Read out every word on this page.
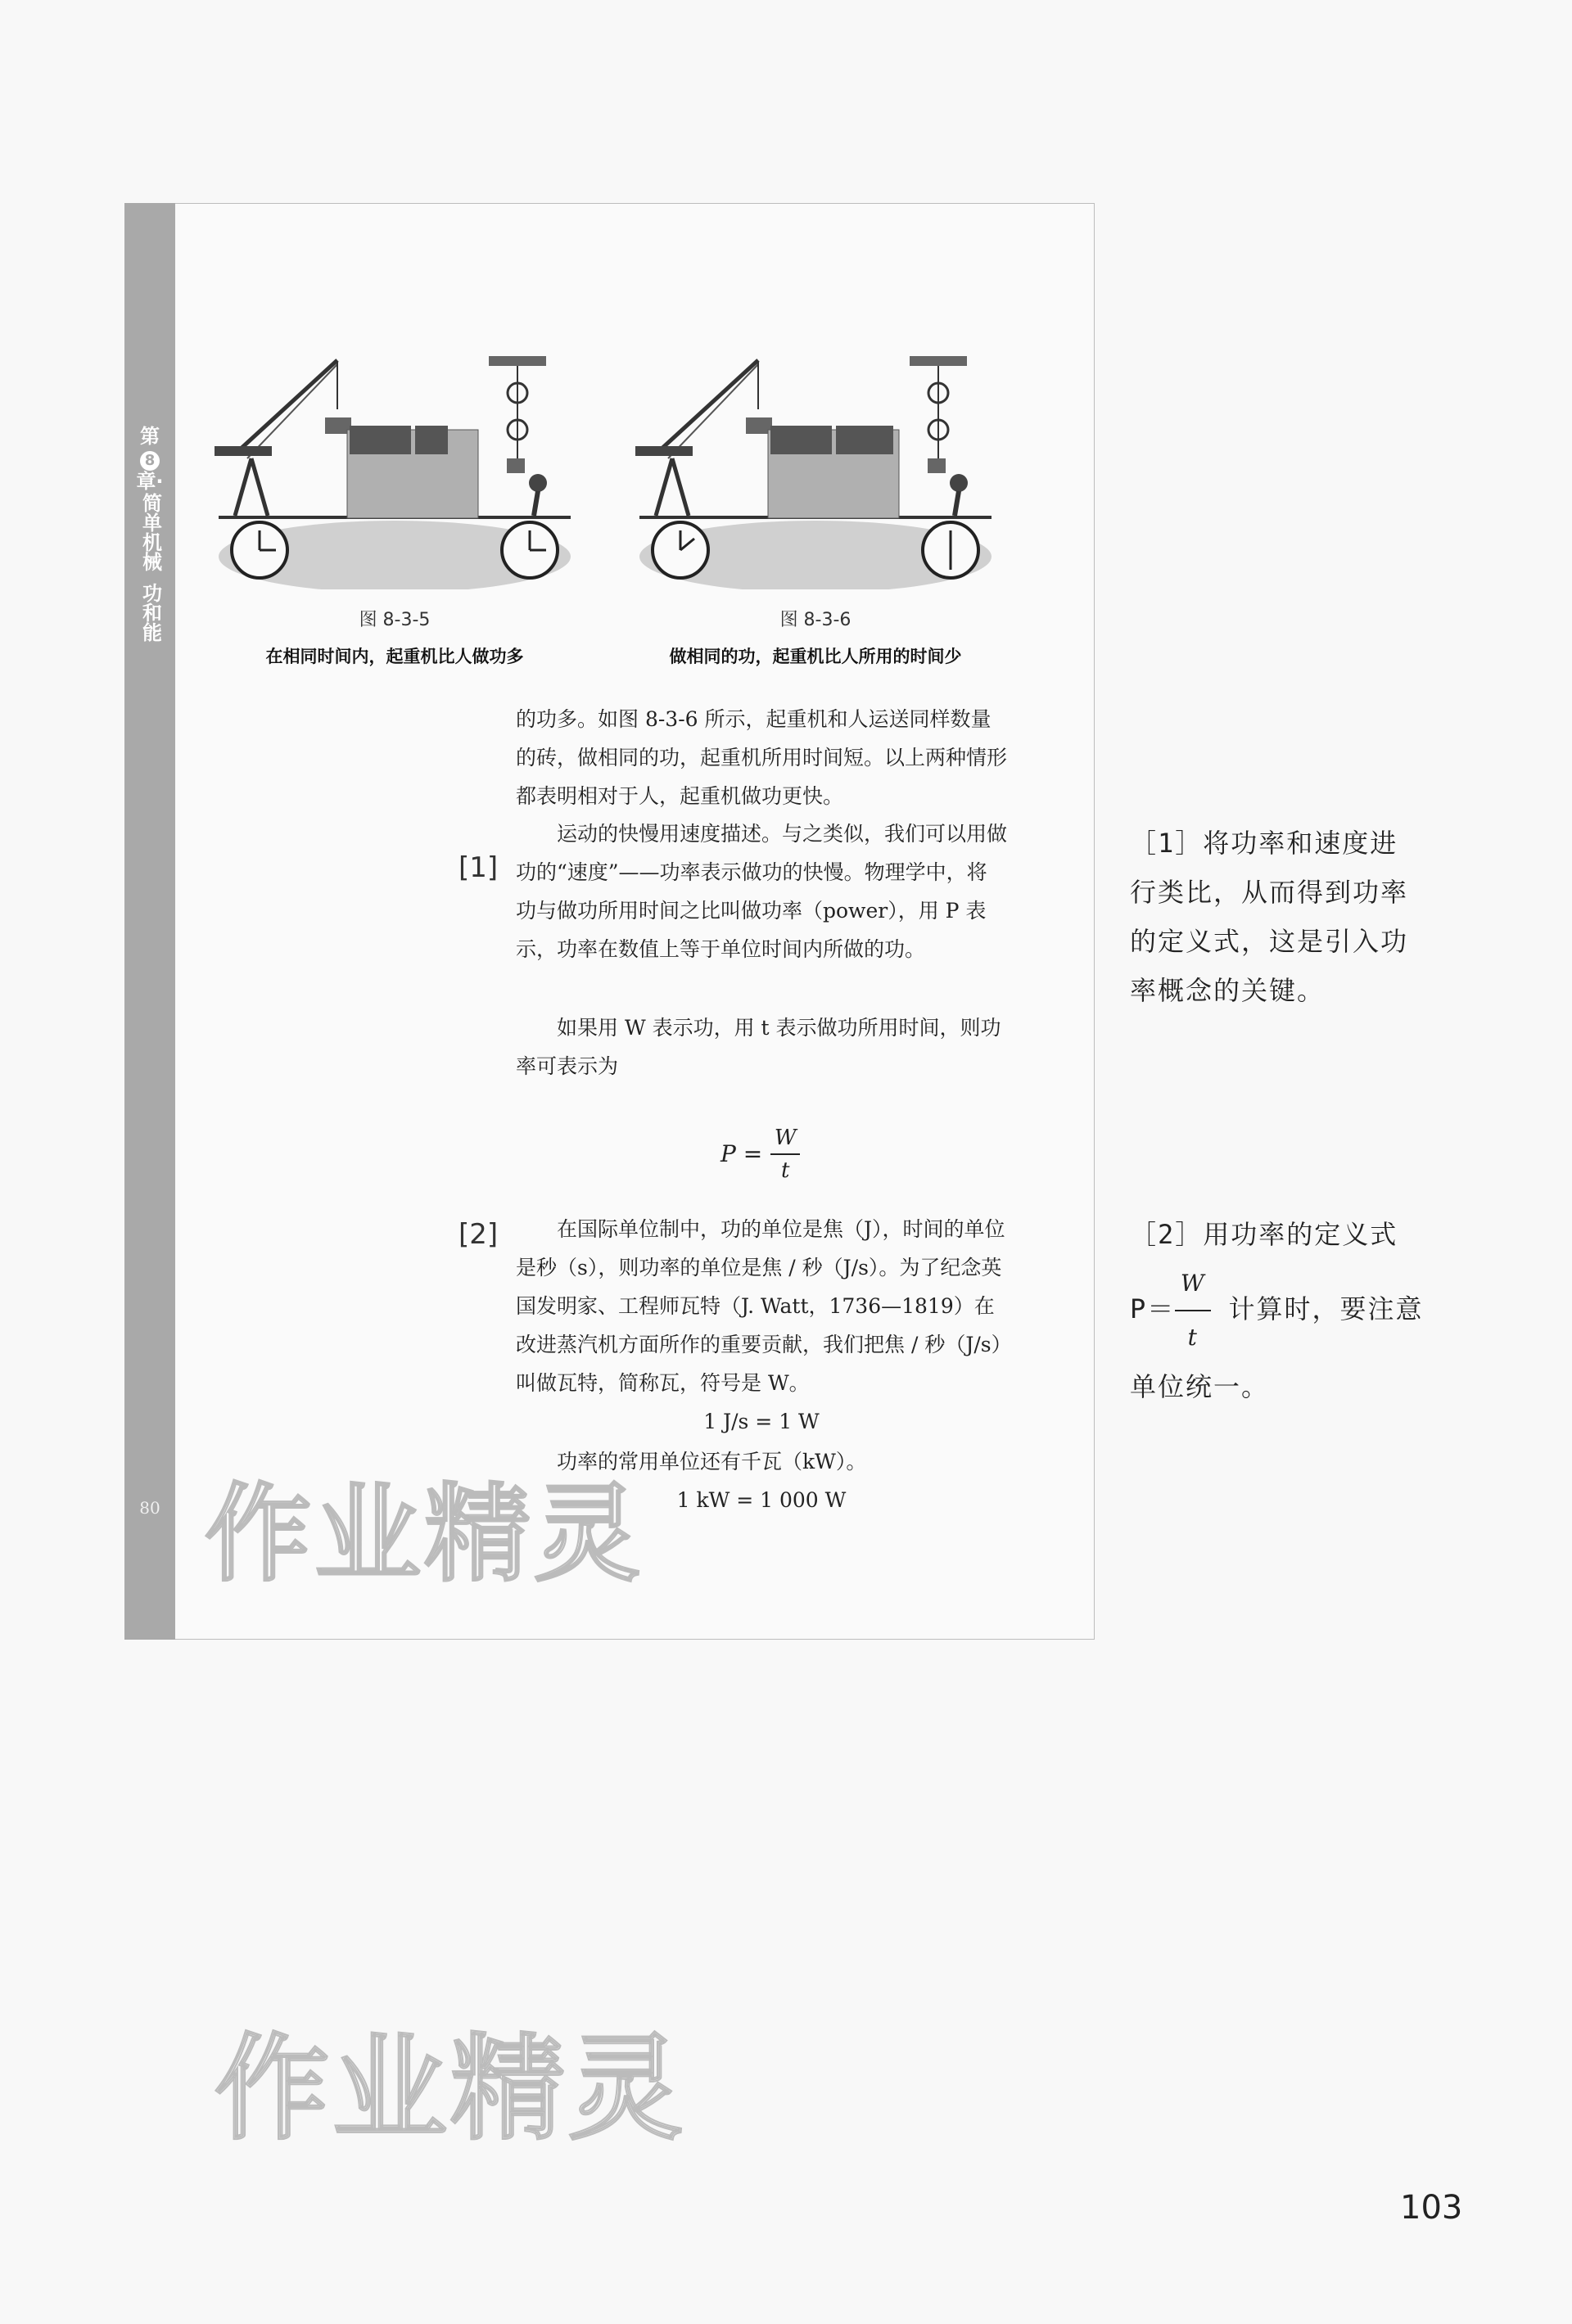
第
8
章·
简单机械
功和能
80
图 8-3-5
在相同时间内，起重机比人做功多
图 8-3-6
做相同的功，起重机比人所用的时间少
的功多。如图 8-3-6 所示，起重机和人运送同样数量的砖，做相同的功，起重机所用时间短。以上两种情形都表明相对于人，起重机做功更快。
[1]
运动的快慢用速度描述。与之类似，我们可以用做功的“速度”——功率表示做功的快慢。物理学中，将功与做功所用时间之比叫做功率（power），用 P 表示，功率在数值上等于单位时间内所做的功。
如果用 W 表示功，用 t 表示做功所用时间，则功率可表示为
$P = \frac{W}{t}$
[2]	在国际单位制中，功的单位是焦（J），时间的单位是秒（s），则功率的单位是焦 / 秒（J/s）。为了纪念英国发明家、工程师瓦特（J. Watt，1736—1819）在改进蒸汽机方面所作的重要贡献，我们把焦 / 秒（J/s）叫做瓦特，简称瓦，符号是 W。
1 J/s = 1 W
功率的常用单位还有千瓦（kW）。
1 kW = 1 000 W
［1］将功率和速度进行类比，从而得到功率的定义式，这是引入功率概念的关键。
［2］用功率的定义式 $P= \frac{W}{t}$ 计算时，要注意单位统一。
作业精灵
作业精灵
103
